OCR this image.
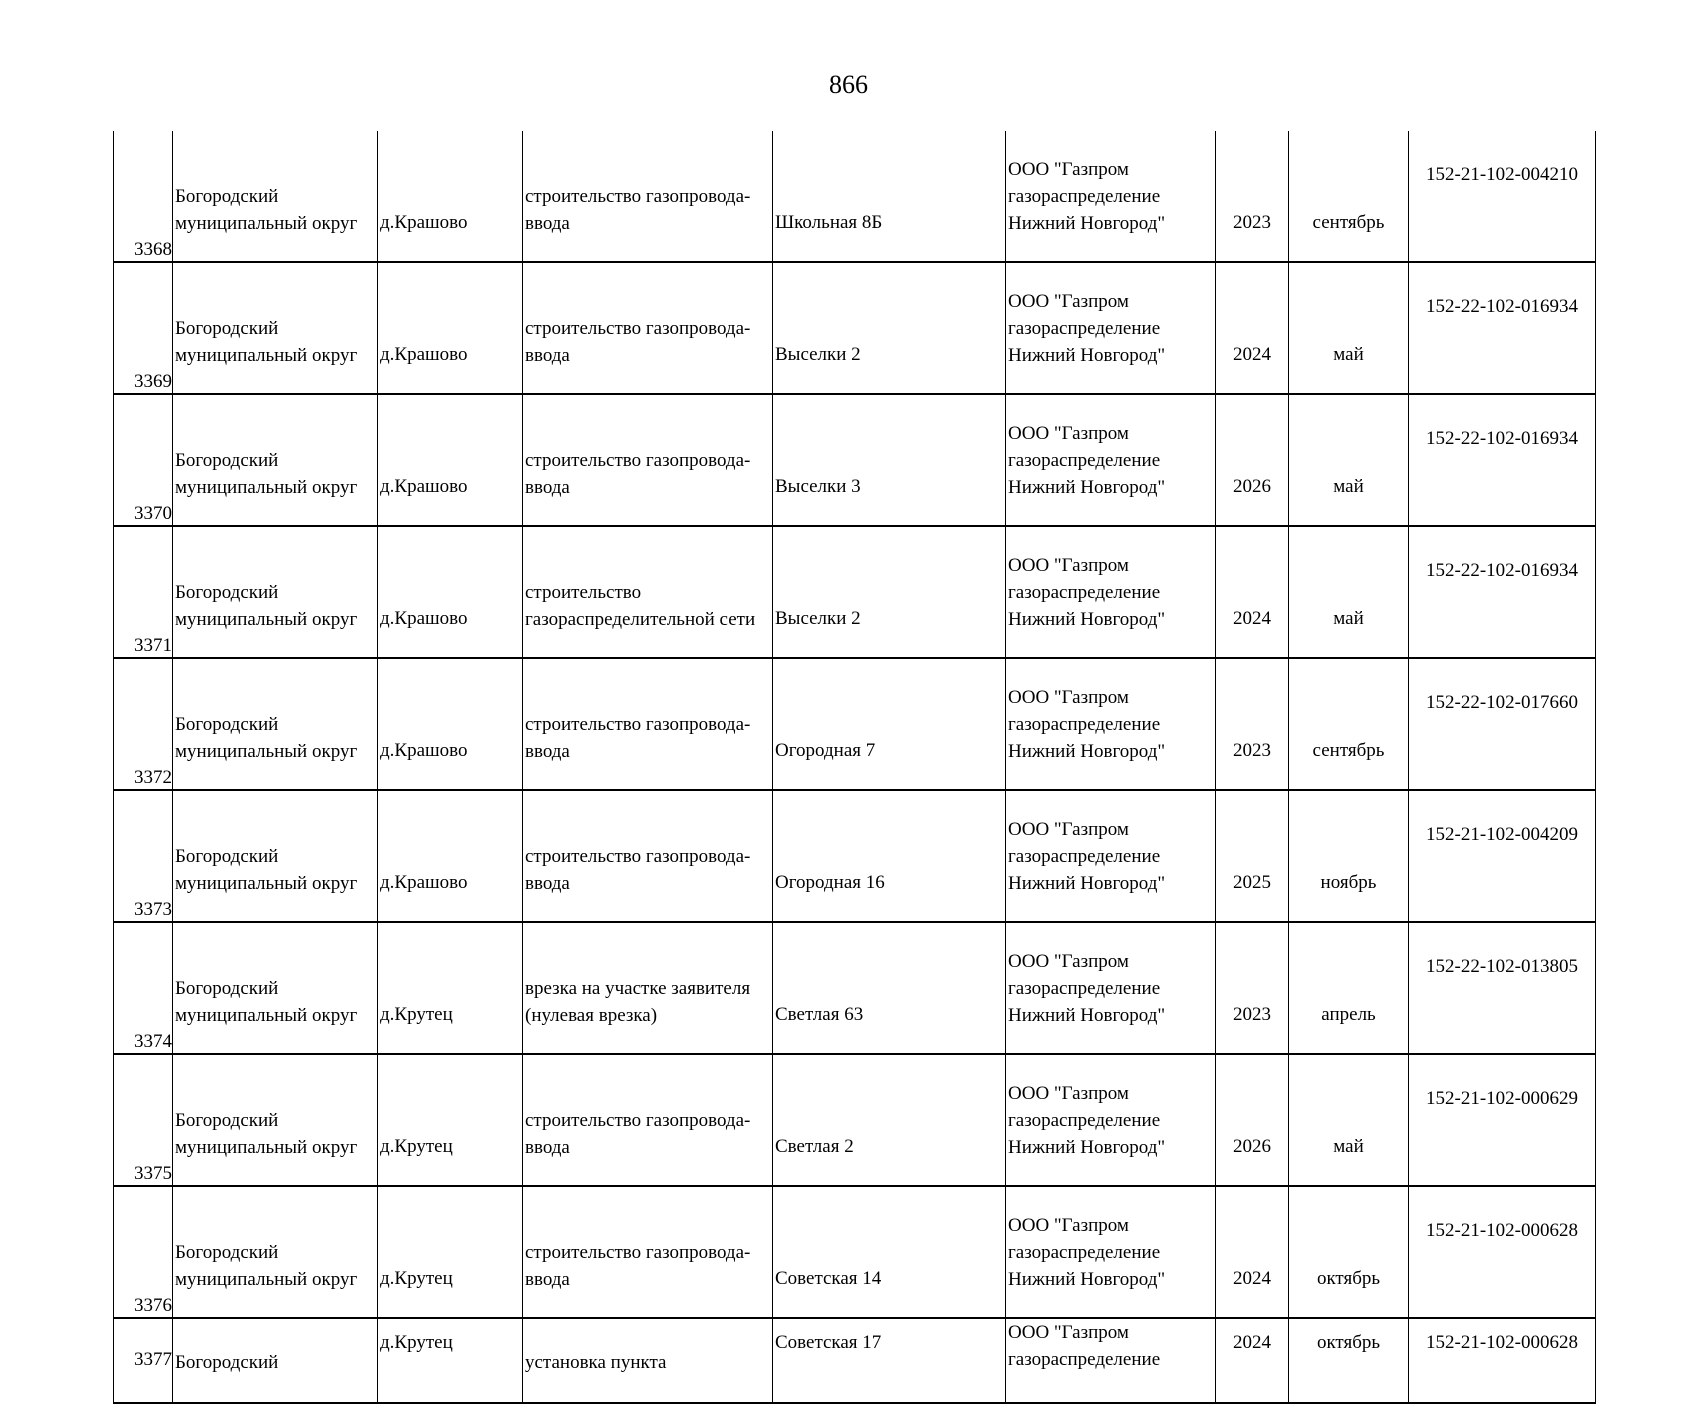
866
3368	Богородский
муниципальный округ	д.Крашово	строительство газопровода-
ввода	Школьная 8Б	ООО "Газпром
газораспределение
Нижний Новгород"	2023	сентябрь	152-21-102-004210

3369	Богородский
муниципальный округ	д.Крашово	строительство газопровода-
ввода	Выселки 2	ООО "Газпром
газораспределение
Нижний Новгород"	2024	май	152-22-102-016934

3370	Богородский
муниципальный округ	д.Крашово	строительство газопровода-
ввода	Выселки 3	ООО "Газпром
газораспределение
Нижний Новгород"	2026	май	152-22-102-016934

3371	Богородский
муниципальный округ	д.Крашово	строительство
газораспределительной сети	Выселки 2	ООО "Газпром
газораспределение
Нижний Новгород"	2024	май	152-22-102-016934

3372	Богородский
муниципальный округ	д.Крашово	строительство газопровода-
ввода	Огородная 7	ООО "Газпром
газораспределение
Нижний Новгород"	2023	сентябрь	152-22-102-017660

3373	Богородский
муниципальный округ	д.Крашово	строительство газопровода-
ввода	Огородная 16	ООО "Газпром
газораспределение
Нижний Новгород"	2025	ноябрь	152-21-102-004209

3374	Богородский
муниципальный округ	д.Крутец	врезка на участке заявителя
(нулевая врезка)	Светлая 63	ООО "Газпром
газораспределение
Нижний Новгород"	2023	апрель	152-22-102-013805

3375	Богородский
муниципальный округ	д.Крутец	строительство газопровода-
ввода	Светлая 2	ООО "Газпром
газораспределение
Нижний Новгород"	2026	май	152-21-102-000629

3376	Богородский
муниципальный округ	д.Крутец	строительство газопровода-
ввода	Советская 14	ООО "Газпром
газораспределение
Нижний Новгород"	2024	октябрь	152-21-102-000628

3377	Богородский	д.Крутец	установка пункта	Советская 17	ООО "Газпром
газораспределение	2024	октябрь	152-21-102-000628
